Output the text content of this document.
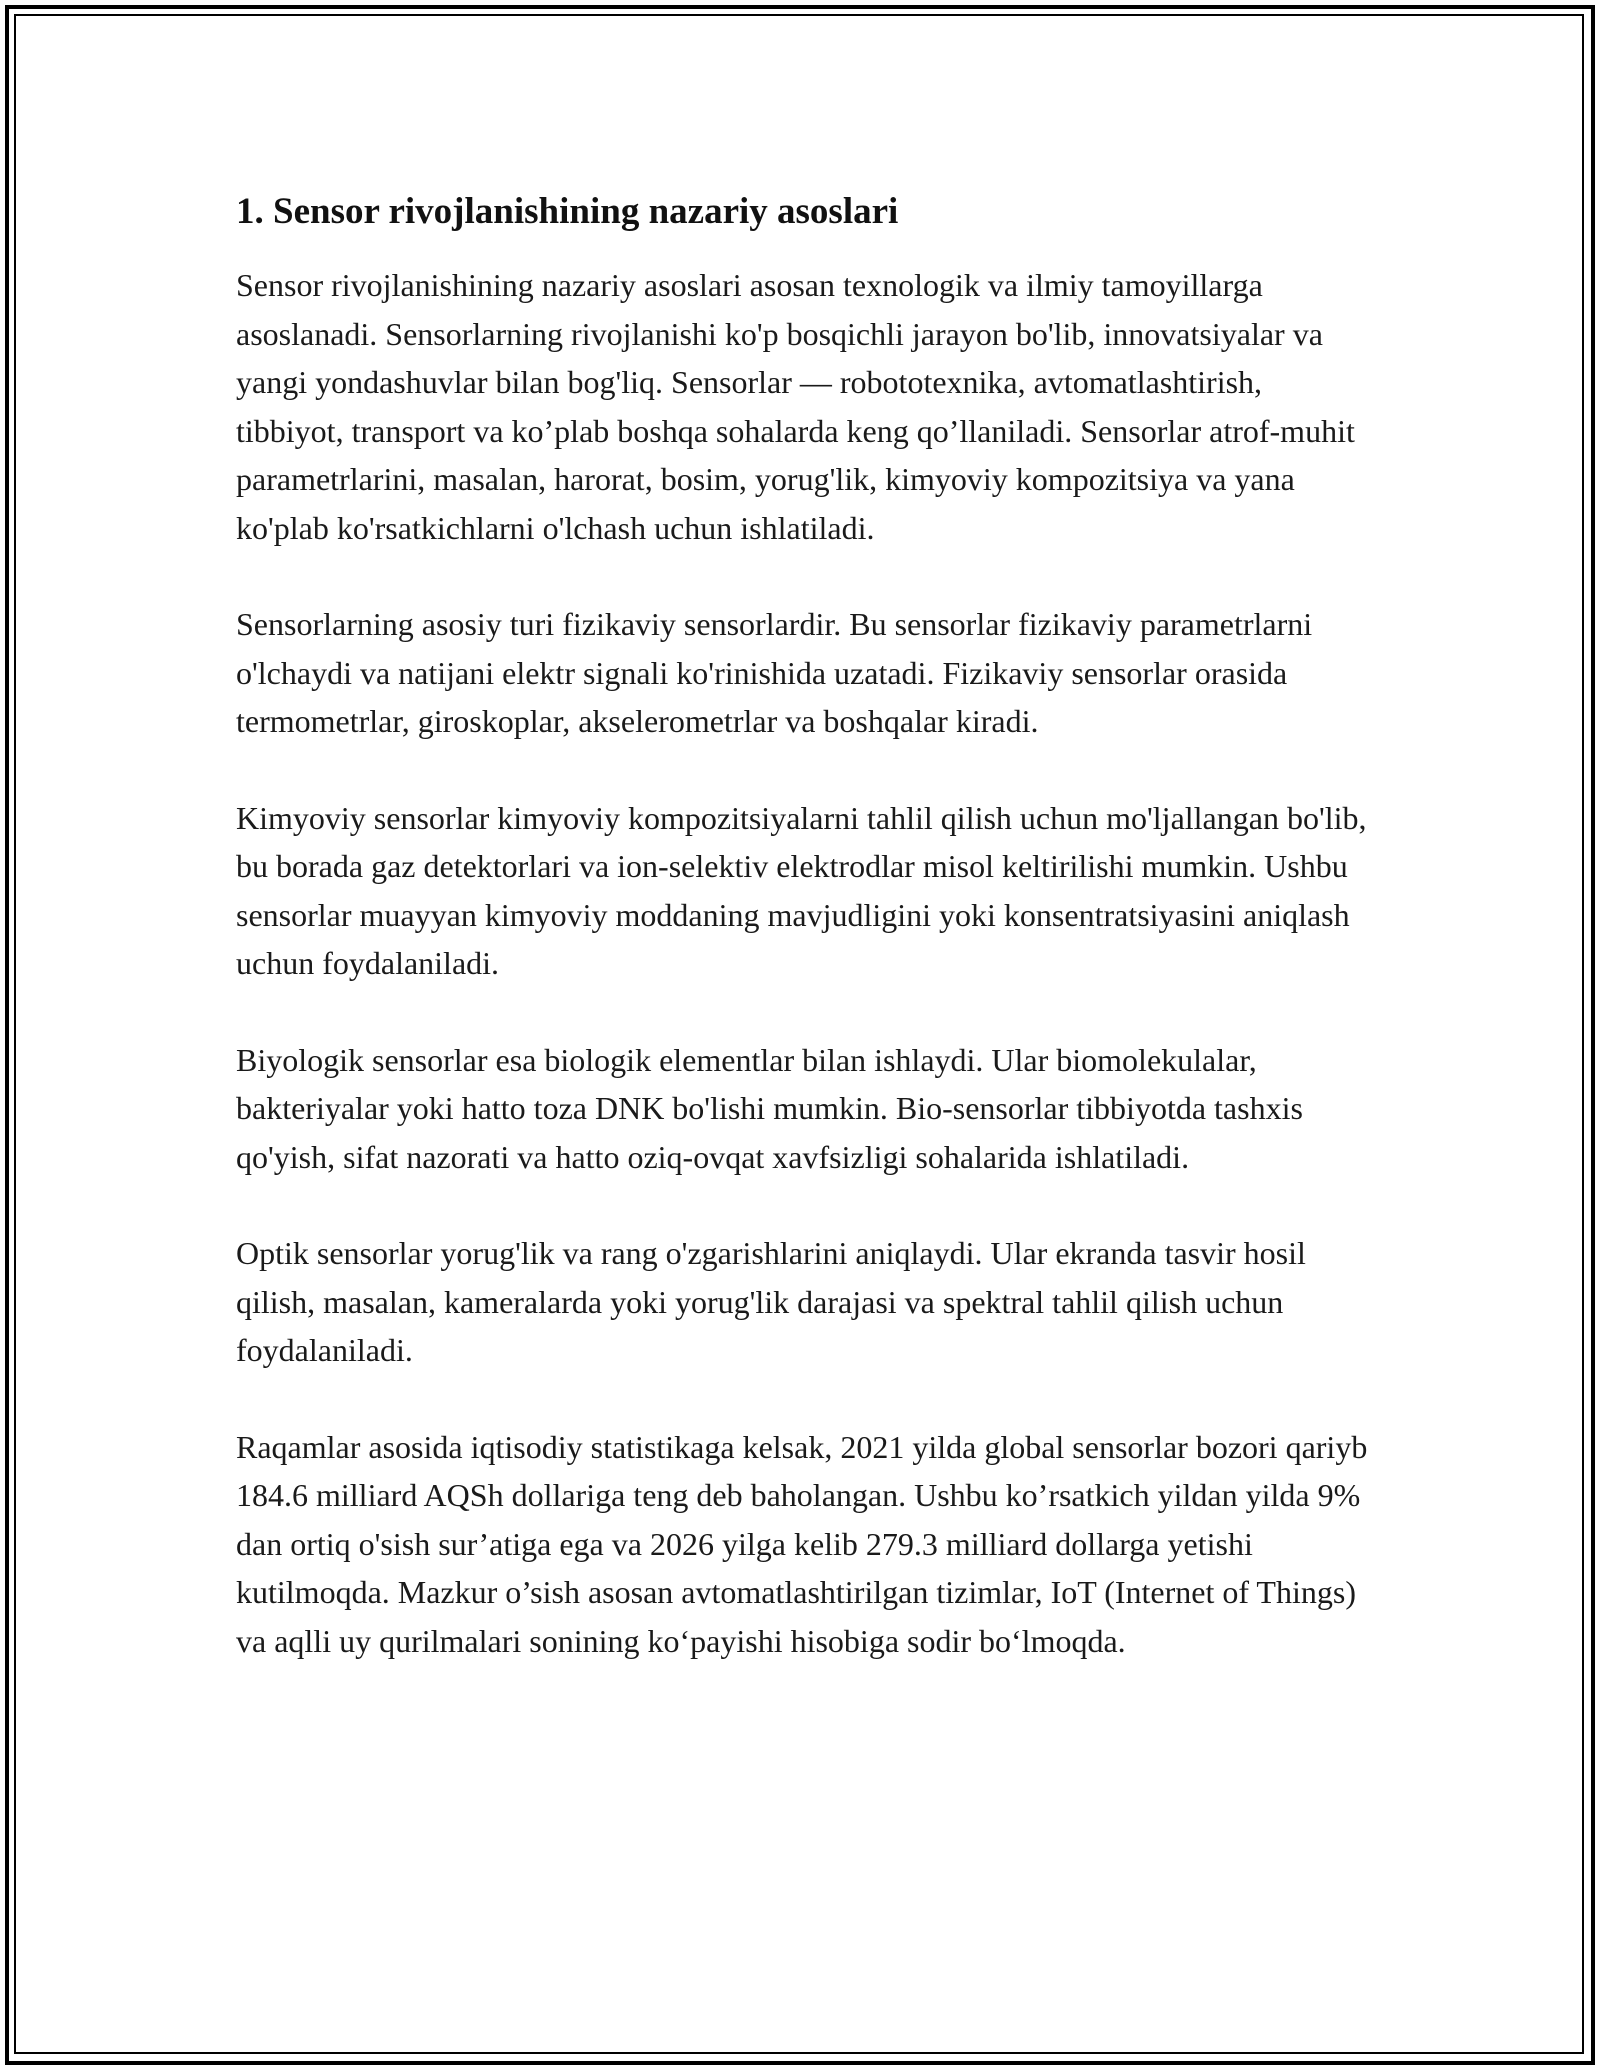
1. Sensor rivojlanishining nazariy asoslari

Sensor rivojlanishining nazariy asoslari asosan texnologik va ilmiy tamoyillarga asoslanadi. Sensorlarning rivojlanishi ko'p bosqichli jarayon bo'lib, innovatsiyalar va yangi yondashuvlar bilan bog'liq. Sensorlar — robototexnika, avtomatlashtirish, tibbiyot, transport va ko’plab boshqa sohalarda keng qo’llaniladi. Sensorlar atrof-muhit parametrlarini, masalan, harorat, bosim, yorug'lik, kimyoviy kompozitsiya va yana ko'plab ko'rsatkichlarni o'lchash uchun ishlatiladi.

Sensorlarning asosiy turi fizikaviy sensorlardir. Bu sensorlar fizikaviy parametrlarni o'lchaydi va natijani elektr signali ko'rinishida uzatadi. Fizikaviy sensorlar orasida termometrlar, giroskoplar, akselerometrlar va boshqalar kiradi.

Kimyoviy sensorlar kimyoviy kompozitsiyalarni tahlil qilish uchun mo'ljallangan bo'lib, bu borada gaz detektorlari va ion-selektiv elektrodlar misol keltirilishi mumkin. Ushbu sensorlar muayyan kimyoviy moddaning mavjudligini yoki konsentratsiyasini aniqlash uchun foydalaniladi.

Biyologik sensorlar esa biologik elementlar bilan ishlaydi. Ular biomolekulalar, bakteriyalar yoki hatto toza DNK bo'lishi mumkin. Bio-sensorlar tibbiyotda tashxis qo'yish, sifat nazorati va hatto oziq-ovqat xavfsizligi sohalarida ishlatiladi.

Optik sensorlar yorug'lik va rang o'zgarishlarini aniqlaydi. Ular ekranda tasvir hosil qilish, masalan, kameralarda yoki yorug'lik darajasi va spektral tahlil qilish uchun foydalaniladi.

Raqamlar asosida iqtisodiy statistikaga kelsak, 2021 yilda global sensorlar bozori qariyb 184.6 milliard AQSh dollariga teng deb baholangan. Ushbu ko’rsatkich yildan yilda 9% dan ortiq o'sish sur’atiga ega va 2026 yilga kelib 279.3 milliard dollarga yetishi kutilmoqda. Mazkur o’sish asosan avtomatlashtirilgan tizimlar, IoT (Internet of Things) va aqlli uy qurilmalari sonining ko‘payishi hisobiga sodir bo‘lmoqda.
